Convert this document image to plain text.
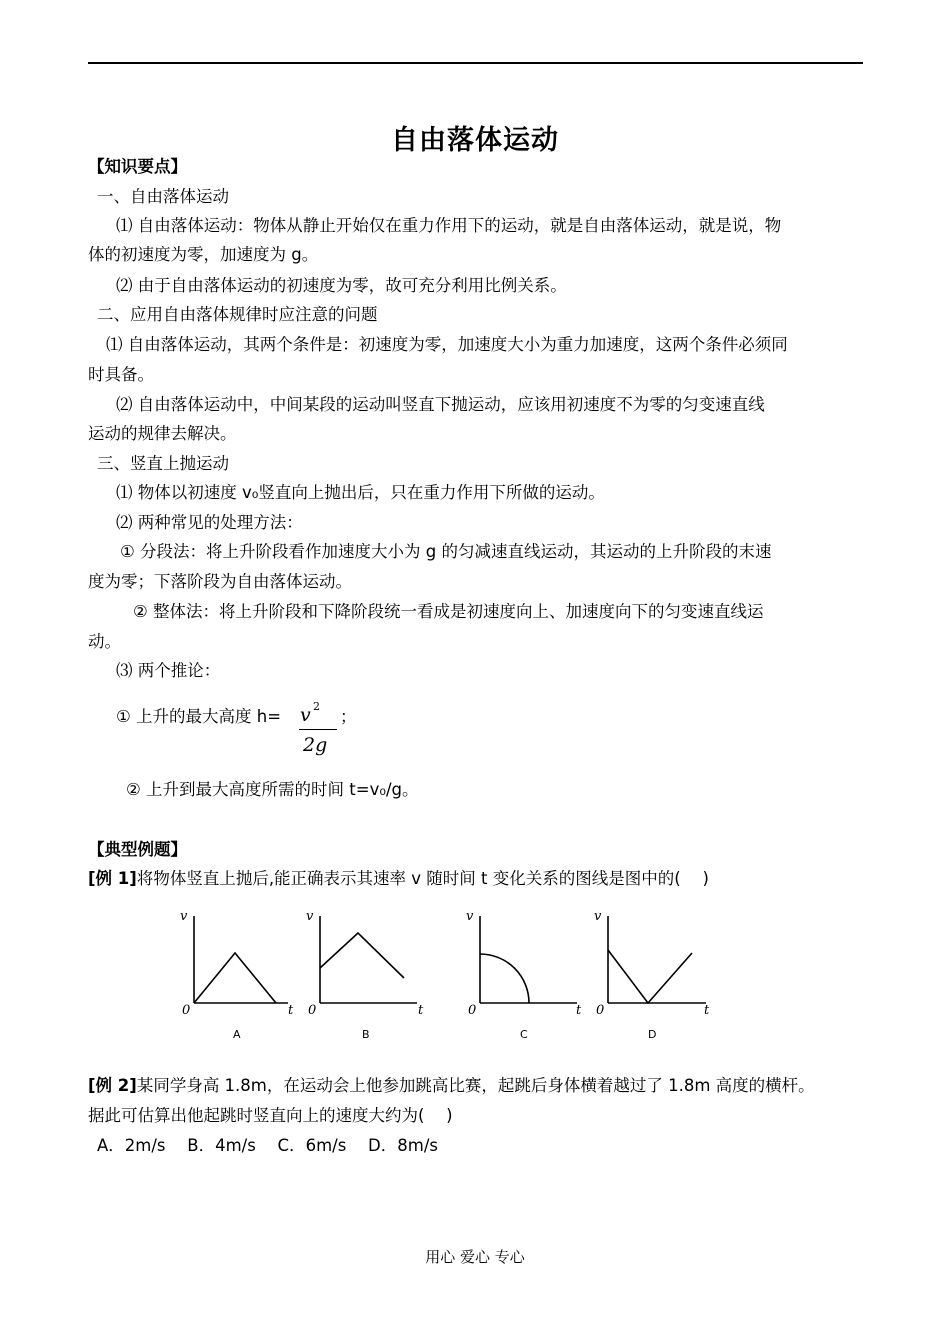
自由落体运动
【知识要点】
一、自由落体运动
⑴ 自由落体运动：物体从静止开始仅在重力作用下的运动，就是自由落体运动，就是说，物
体的初速度为零，加速度为 g。
⑵ 由于自由落体运动的初速度为零，故可充分利用比例关系。
二、应用自由落体规律时应注意的问题
⑴ 自由落体运动，其两个条件是：初速度为零，加速度大小为重力加速度，这两个条件必须同
时具备。
⑵ 自由落体运动中，中间某段的运动叫竖直下抛运动，应该用初速度不为零的匀变速直线
运动的规律去解决。
三、竖直上抛运动
⑴ 物体以初速度 v₀竖直向上抛出后，只在重力作用下所做的运动。
⑵ 两种常见的处理方法：
① 分段法：将上升阶段看作加速度大小为 g 的匀减速直线运动，其运动的上升阶段的末速
度为零；下落阶段为自由落体运动。
② 整体法：将上升阶段和下降阶段统一看成是初速度向上、加速度向下的匀变速直线运
动。
⑶ 两个推论：
① 上升的最大高度 h= v 2
2g
；
② 上升到最大高度所需的时间 t=v₀/g。
【典型例题】
[例 1]将物体竖直上抛后,能正确表示其速率 v 随时间 t 变化关系的图线是图中的(　 )
v
t
0
A
v
t
0
B
v
t
0
C
v
t
0
D
[例 2]某同学身高 1.8m，在运动会上他参加跳高比赛，起跳后身体横着越过了 1.8m 高度的横杆。
据此可估算出他起跳时竖直向上的速度大约为(　 )
A．2m/s　 B．4m/s　 C．6m/s　 D．8m/s
用心 爱心 专心
